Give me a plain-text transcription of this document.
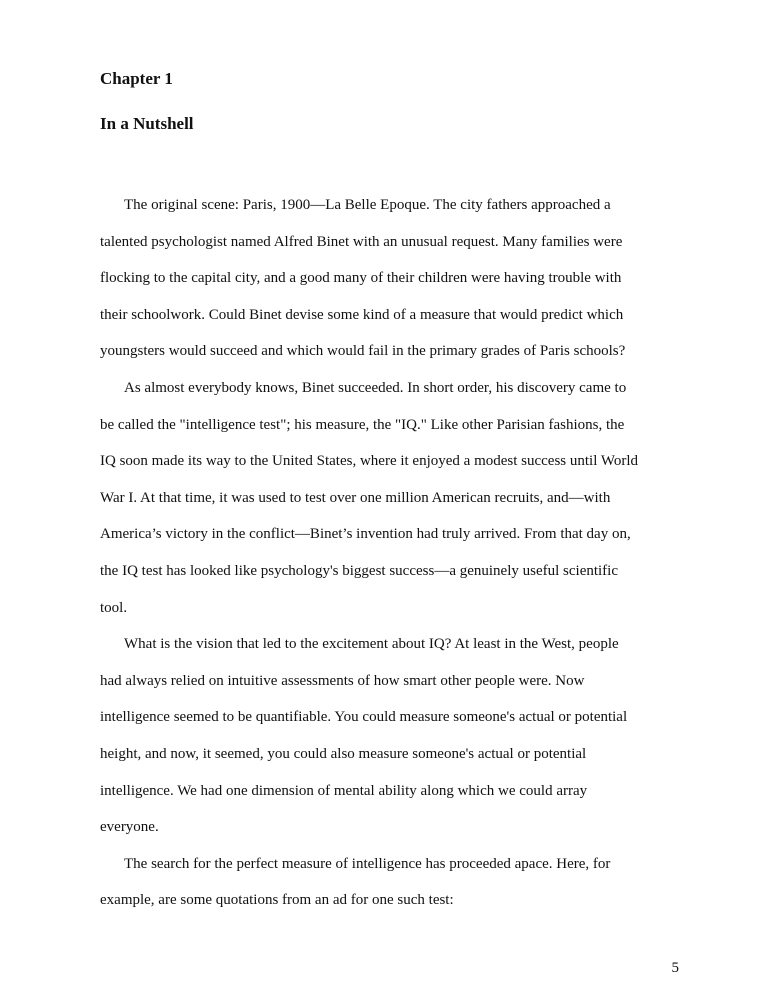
Chapter 1
In a Nutshell
The original scene: Paris, 1900—La Belle Epoque. The city fathers approached a
talented psychologist named Alfred Binet with an unusual request. Many families were
flocking to the capital city, and a good many of their children were having trouble with
their schoolwork. Could Binet devise some kind of a measure that would predict which
youngsters would succeed and which would fail in the primary grades of Paris schools?
As almost everybody knows, Binet succeeded. In short order, his discovery came to
be called the "intelligence test"; his measure, the "IQ." Like other Parisian fashions, the
IQ soon made its way to the United States, where it enjoyed a modest success until World
War I. At that time, it was used to test over one million American recruits, and—with
America’s victory in the conflict—Binet’s invention had truly arrived. From that day on,
the IQ test has looked like psychology's biggest success—a genuinely useful scientific
tool.
What is the vision that led to the excitement about IQ? At least in the West, people
had always relied on intuitive assessments of how smart other people were. Now
intelligence seemed to be quantifiable. You could measure someone's actual or potential
height, and now, it seemed, you could also measure someone's actual or potential
intelligence. We had one dimension of mental ability along which we could array
everyone.
The search for the perfect measure of intelligence has proceeded apace. Here, for
example, are some quotations from an ad for one such test:
5
